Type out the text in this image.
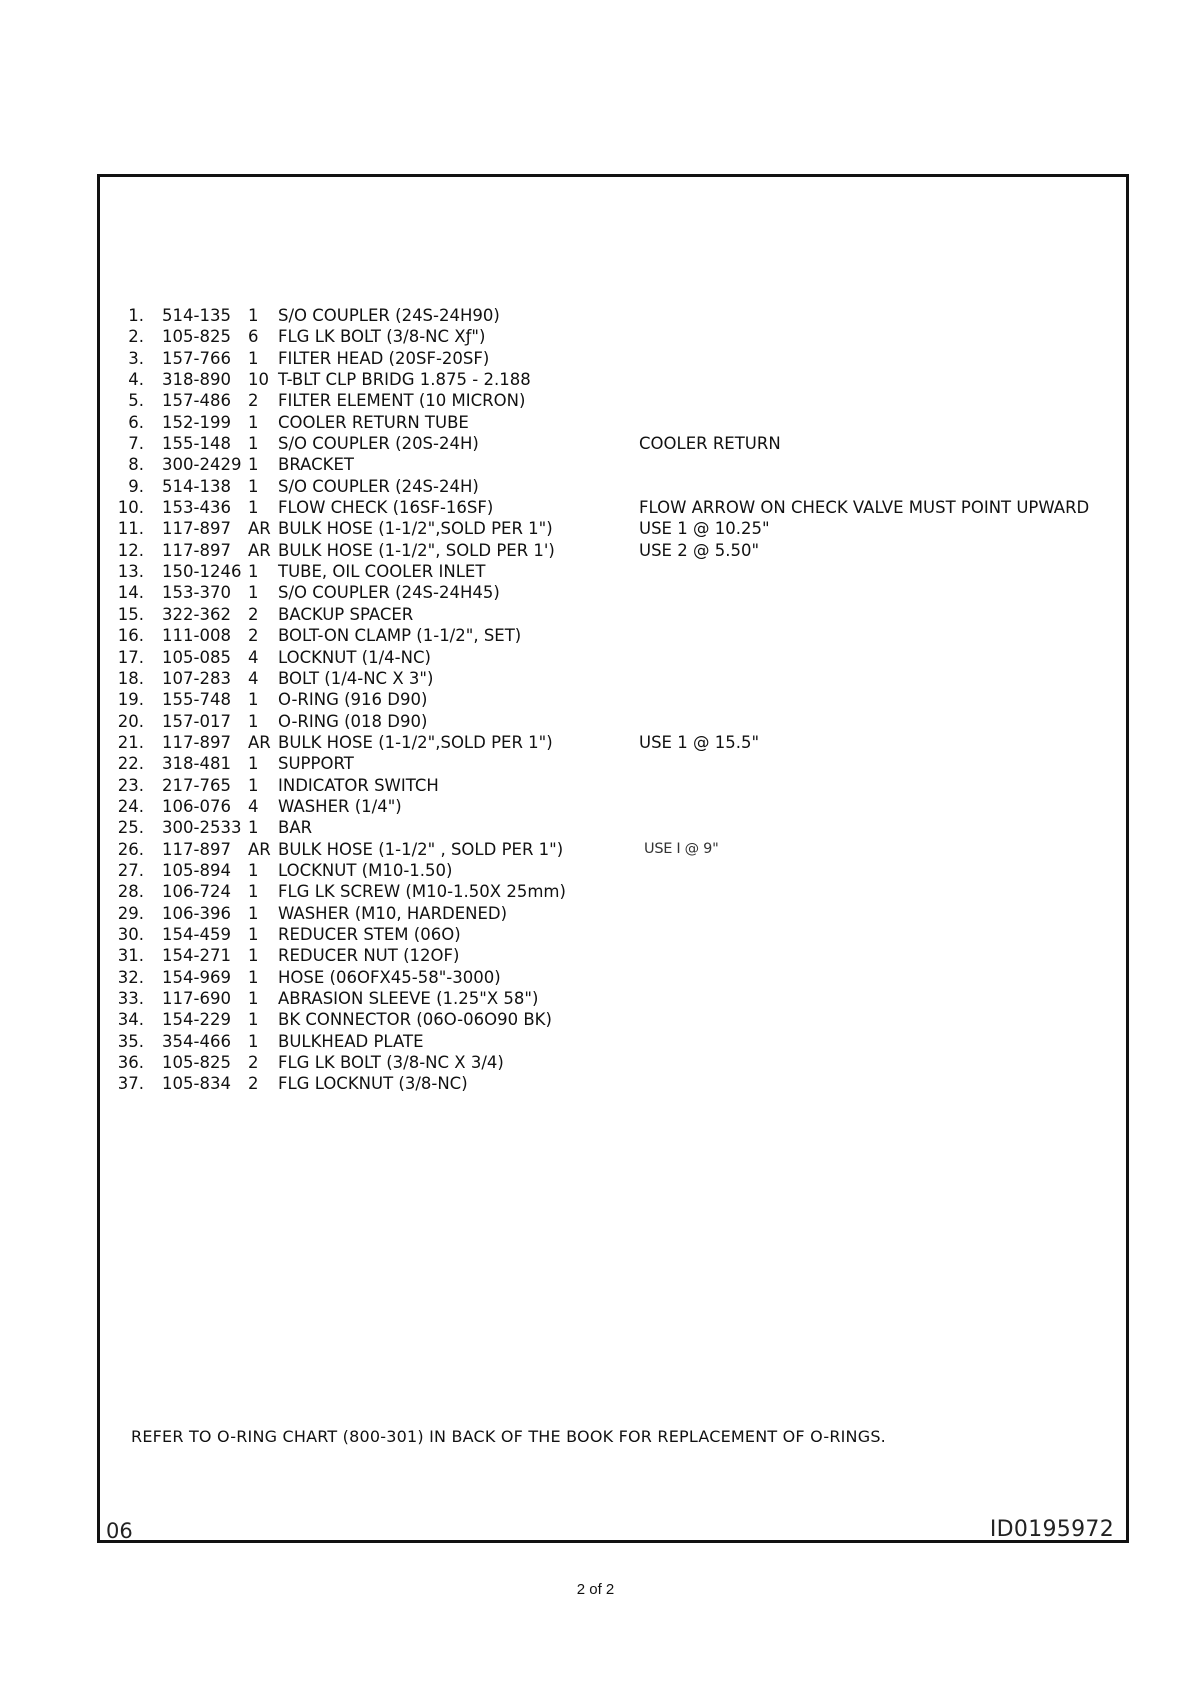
1. 514-135 1 S/O COUPLER (24S-24H90)
2. 105-825 6 FLG LK BOLT (3/8-NC Xƒ")
3. 157-766 1 FILTER HEAD (20SF-20SF)
4. 318-890 10 T-BLT CLP BRIDG 1.875 - 2.188
5. 157-486 2 FILTER ELEMENT (10 MICRON)
6. 152-199 1 COOLER RETURN TUBE
7. 155-148 1 S/O COUPLER (20S-24H)	COOLER RETURN
8. 300-2429 1 BRACKET
9. 514-138 1 S/O COUPLER (24S-24H)
10. 153-436 1 FLOW CHECK (16SF-16SF)	FLOW ARROW ON CHECK VALVE MUST POINT UPWARD
11. 117-897 AR BULK HOSE (1-1/2",SOLD PER 1")	USE 1 @ 10.25"
12. 117-897 AR BULK HOSE (1-1/2", SOLD PER 1')	USE 2 @ 5.50"
13. 150-1246 1 TUBE, OIL COOLER INLET
14. 153-370 1 S/O COUPLER (24S-24H45)
15. 322-362 2 BACKUP SPACER
16. 111-008 2 BOLT-ON CLAMP (1-1/2", SET)
17. 105-085 4 LOCKNUT (1/4-NC)
18. 107-283 4 BOLT (1/4-NC X 3")
19. 155-748 1 O-RING (916 D90)
20. 157-017 1 O-RING (018 D90)
21. 117-897 AR BULK HOSE (1-1/2",SOLD PER 1")	USE 1 @ 15.5"
22. 318-481 1 SUPPORT
23. 217-765 1 INDICATOR SWITCH
24. 106-076 4 WASHER (1/4")
25. 300-2533 1 BAR
26. 117-897 AR BULK HOSE (1-1/2" , SOLD PER 1")	USE I @ 9"
27. 105-894 1 LOCKNUT (M10-1.50)
28. 106-724 1 FLG LK SCREW (M10-1.50X 25mm)
29. 106-396 1 WASHER (M10, HARDENED)
30. 154-459 1 REDUCER STEM (06O)
31. 154-271 1 REDUCER NUT (12OF)
32. 154-969 1 HOSE (06OFX45-58"-3000)
33. 117-690 1 ABRASION SLEEVE (1.25"X 58")
34. 154-229 1 BK CONNECTOR (06O-06O90 BK)
35. 354-466 1 BULKHEAD PLATE
36. 105-825 2 FLG LK BOLT (3/8-NC X 3/4)
37. 105-834 2 FLG LOCKNUT (3/8-NC)
REFER TO O-RING CHART (800-301) IN BACK OF THE BOOK FOR REPLACEMENT OF O-RINGS.
06	ID0195972
2 of 2
